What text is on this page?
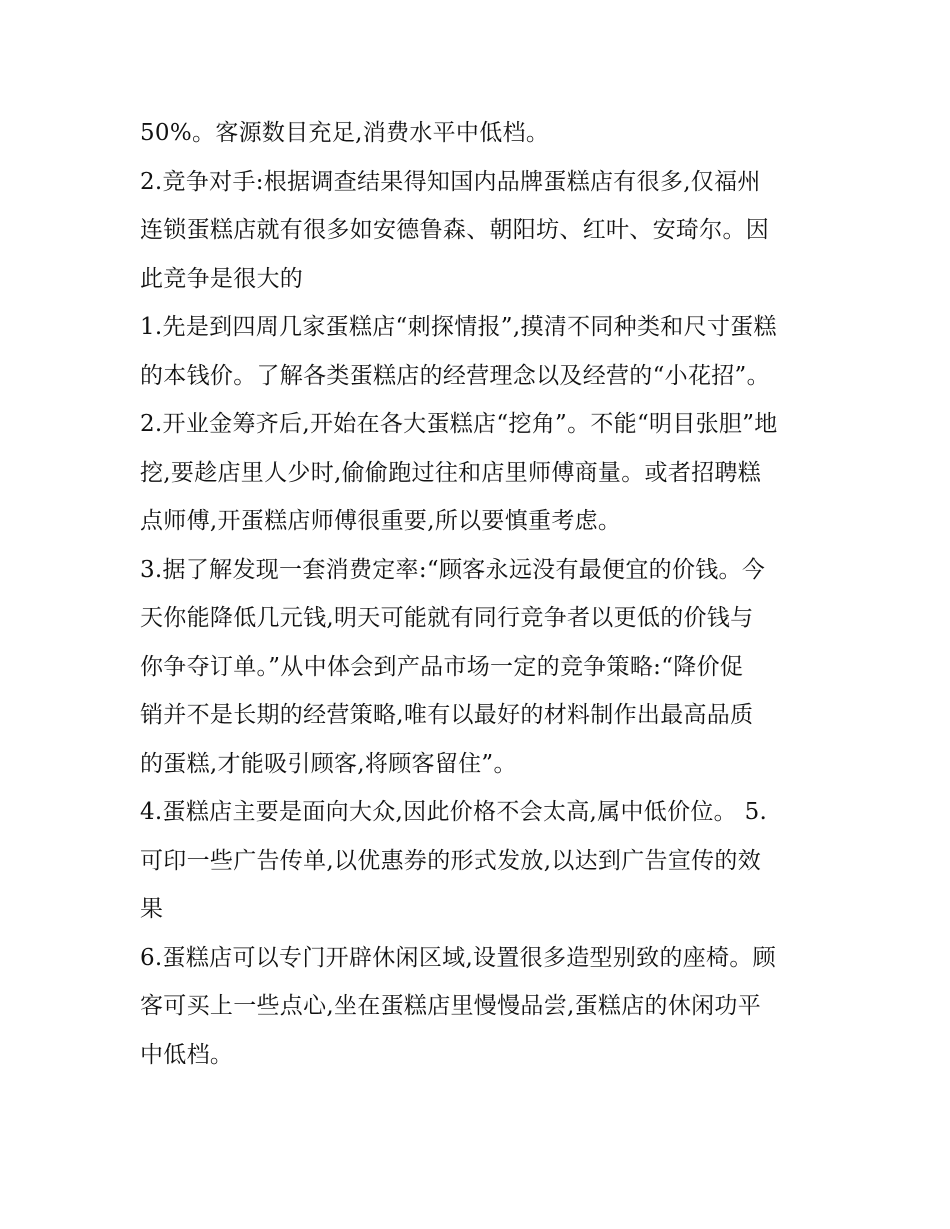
50%。客源数目充足,消费水平中低档。
2.竞争对手:根据调查结果得知国内品牌蛋糕店有很多,仅福州
连锁蛋糕店就有很多如安德鲁森、朝阳坊、红叶、安琦尔。因
此竞争是很大的
1.先是到四周几家蛋糕店“刺探情报”,摸清不同种类和尺寸蛋糕
的本钱价。了解各类蛋糕店的经营理念以及经营的“小花招”。
2.开业金筹齐后,开始在各大蛋糕店“挖角”。不能“明目张胆”地
挖,要趁店里人少时,偷偷跑过往和店里师傅商量。或者招聘糕
点师傅,开蛋糕店师傅很重要,所以要慎重考虑。
3.据了解发现一套消费定率:“顾客永远没有最便宜的价钱。今
天你能降低几元钱,明天可能就有同行竞争者以更低的价钱与
你争夺订单。”从中体会到产品市场一定的竞争策略:“降价促
销并不是长期的经营策略,唯有以最好的材料制作出最高品质
的蛋糕,才能吸引顾客,将顾客留住”。
4.蛋糕店主要是面向大众,因此价格不会太高,属中低价位。 5.
可印一些广告传单,以优惠券的形式发放,以达到广告宣传的效
果
6.蛋糕店可以专门开辟休闲区域,设置很多造型别致的座椅。顾
客可买上一些点心,坐在蛋糕店里慢慢品尝,蛋糕店的休闲功平
中低档。
